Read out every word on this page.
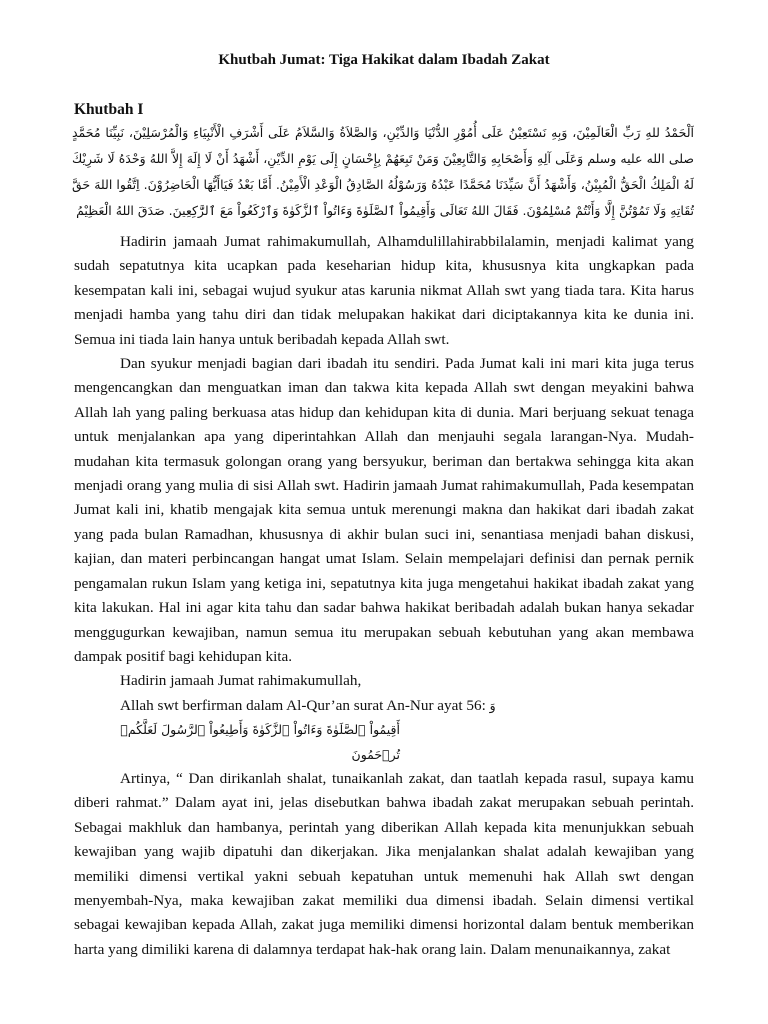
Khutbah Jumat: Tiga Hakikat dalam Ibadah Zakat
Khutbah I
اَلْحَمْدُ للهِ رَبِّ الْعَالَمِيْنَ، وَبِهِ نَسْتَعِيْنُ عَلَى أُمُوْرِ الدُّنْيَا وَالدِّيْنِ، وَالصَّلاَةُ وَالسَّلاَمُ عَلَى أَشْرَفِ الْأَنْبِيَاءِ وَالْمُرْسَلِيْنَ، نَبِيِّنَا مُحَمَّدٍ صلى الله عليه وسلم وَعَلَى آلِهِ وَأَصْحَابِهِ وَالتَّابِعِيْنَ وَمَنْ تَبِعَهُمْ بِإِحْسَانٍ إِلَى يَوْمِ الدِّيْنِ، أَشْهَدُ أَنْ لَا إِلَهَ إِلاَّ اللهُ وَحْدَهُ لَا شَرِيْكَ لَهُ الْمَلِكُ الْحَقُّ الْمُبِيْنُ، وَأَشْهَدُ أَنَّ سَيِّدَنَا مُحَمَّدًا عَبْدُهُ وَرَسُوْلُهُ الصَّادِقُ الْوَعْدِ الْأَمِيْنُ. أَمَّا بَعْدُ فَيَاأَيُّهَا الْحَاضِرُوْنَ. اِتَّقُوا اللهَ حَقَّ تُقَاتِهِ وَلَا تَمُوْتُنَّ إِلَّا وَأَنْتُمْ مُسْلِمُوْنَ. فَقَالَ اللهُ تَعَالَى وَأَقِيمُواْ ٱلصَّلَوٰةَ وَءَاتُواْ ٱلزَّكَوٰةَ وَٱرْكَعُواْ مَعَ ٱلرَّٰكِعِينَ. صَدَقَ اللهُ الْعَظِيْمُ

Hadirin jamaah Jumat rahimakumullah, Alhamdulillahirabbilalamin, menjadi kalimat yang sudah sepatutnya kita ucapkan pada keseharian hidup kita, khususnya kita ungkapkan pada kesempatan kali ini, sebagai wujud syukur atas karunia nikmat Allah swt yang tiada tara. Kita harus menjadi hamba yang tahu diri dan tidak melupakan hakikat dari diciptakannya kita ke dunia ini. Semua ini tiada lain hanya untuk beribadah kepada Allah swt.

Dan syukur menjadi bagian dari ibadah itu sendiri. Pada Jumat kali ini mari kita juga terus mengencangkan dan menguatkan iman dan takwa kita kepada Allah swt dengan meyakini bahwa Allah lah yang paling berkuasa atas hidup dan kehidupan kita di dunia. Mari berjuang sekuat tenaga untuk menjalankan apa yang diperintahkan Allah dan menjauhi segala larangan-Nya. Mudah-mudahan kita termasuk golongan orang yang bersyukur, beriman dan bertakwa sehingga kita akan menjadi orang yang mulia di sisi Allah swt. Hadirin jamaah Jumat rahimakumullah, Pada kesempatan Jumat kali ini, khatib mengajak kita semua untuk merenungi makna dan hakikat dari ibadah zakat yang pada bulan Ramadhan, khususnya di akhir bulan suci ini, senantiasa menjadi bahan diskusi, kajian, dan materi perbincangan hangat umat Islam. Selain mempelajari definisi dan pernak pernik pengamalan rukun Islam yang ketiga ini, sepatutnya kita juga mengetahui hakikat ibadah zakat yang kita lakukan. Hal ini agar kita tahu dan sadar bahwa hakikat beribadah adalah bukan hanya sekadar menggugurkan kewajiban, namun semua itu merupakan sebuah kebutuhan yang akan membawa dampak positif bagi kehidupan kita.

Hadirin jamaah Jumat rahimakumullah,

Allah swt berfirman dalam Al-Qur’an surat An-Nur ayat 56: وَ
أَقِيمُواْ ٱلصَّلَوٰةَ وَءَاتُواْ ٱلزَّكَوٰةَ وَأَطِيعُواْ ٱلرَّسُولَ لَعَلَّكُمۡ تُرۡحَمُونَ

Artinya, “ Dan dirikanlah shalat, tunaikanlah zakat, dan taatlah kepada rasul, supaya kamu diberi rahmat.” Dalam ayat ini, jelas disebutkan bahwa ibadah zakat merupakan sebuah perintah. Sebagai makhluk dan hambanya, perintah yang diberikan Allah kepada kita menunjukkan sebuah kewajiban yang wajib dipatuhi dan dikerjakan. Jika menjalankan shalat adalah kewajiban yang memiliki dimensi vertikal yakni sebuah kepatuhan untuk memenuhi hak Allah swt dengan menyembah-Nya, maka kewajiban zakat memiliki dua dimensi ibadah. Selain dimensi vertikal sebagai kewajiban kepada Allah, zakat juga memiliki dimensi horizontal dalam bentuk memberikan harta yang dimiliki karena di dalamnya terdapat hak-hak orang lain. Dalam menunaikannya, zakat
